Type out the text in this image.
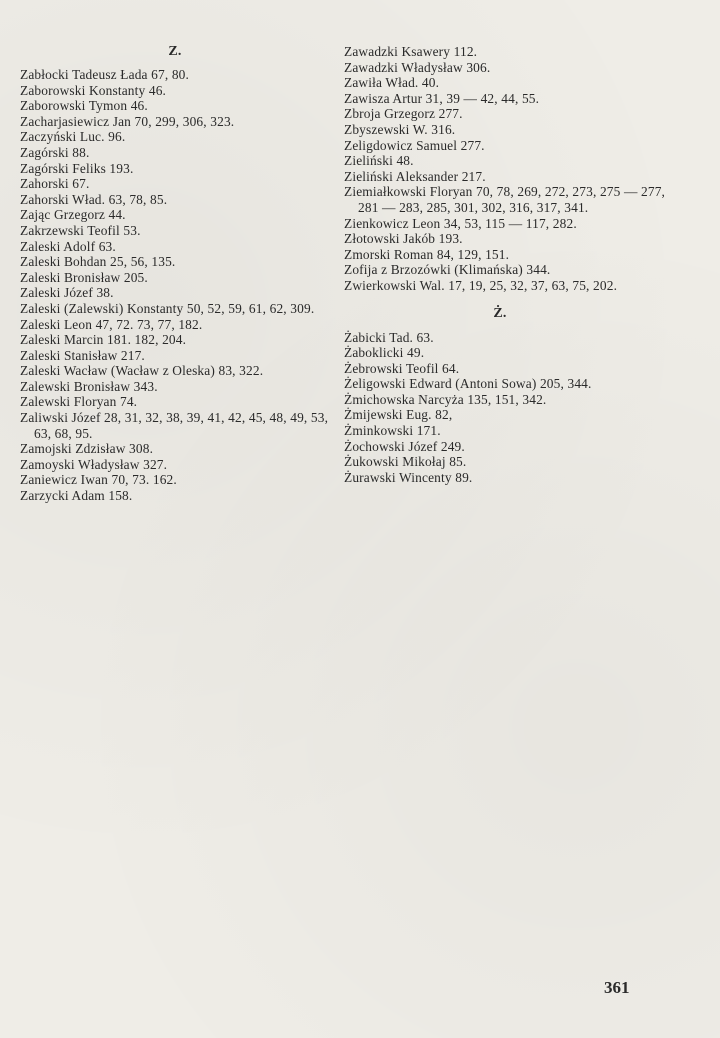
Z.
Zabłocki Tadeusz Łada 67, 80.
Zaborowski Konstanty 46.
Zaborowski Tymon 46.
Zacharjasiewicz Jan 70, 299, 306, 323.
Zaczyński Luc. 96.
Zagórski 88.
Zagórski Feliks 193.
Zahorski 67.
Zahorski Wład. 63, 78, 85.
Zając Grzegorz 44.
Zakrzewski Teofil 53.
Zaleski Adolf 63.
Zaleski Bohdan 25, 56, 135.
Zaleski Bronisław 205.
Zaleski Józef 38.
Zaleski (Zalewski) Konstanty 50, 52, 59, 61, 62, 309.
Zaleski Leon 47, 72. 73, 77, 182.
Zaleski Marcin 181. 182, 204.
Zaleski Stanisław 217.
Zaleski Wacław (Wacław z Oleska) 83, 322.
Zalewski Bronisław 343.
Zalewski Floryan 74.
Zaliwski Józef 28, 31, 32, 38, 39, 41, 42, 45, 48, 49, 53, 63, 68, 95.
Zamojski Zdzisław 308.
Zamoyski Władysław 327.
Zaniewicz Iwan 70, 73. 162.
Zarzycki Adam 158.
Zawadzki Ksawery 112.
Zawadzki Władysław 306.
Zawiła Wład. 40.
Zawisza Artur 31, 39 — 42, 44, 55.
Zbroja Grzegorz 277.
Zbyszewski W. 316.
Zeligdowicz Samuel 277.
Zieliński 48.
Zieliński Aleksander 217.
Ziemiałkowski Floryan 70, 78, 269, 272, 273, 275 — 277, 281 — 283, 285, 301, 302, 316, 317, 341.
Zienkowicz Leon 34, 53, 115 — 117, 282.
Złotowski Jakób 193.
Zmorski Roman 84, 129, 151.
Zofija z Brzozówki (Klimańska) 344.
Zwierkowski Wal. 17, 19, 25, 32, 37, 63, 75, 202.
Ż.
Żabicki Tad. 63.
Żaboklicki 49.
Żebrowski Teofil 64.
Żeligowski Edward (Antoni Sowa) 205, 344.
Żmichowska Narcyża 135, 151, 342.
Żmijewski Eug. 82,
Żminkowski 171.
Żochowski Józef 249.
Żukowski Mikołaj 85.
Żurawski Wincenty 89.
361
